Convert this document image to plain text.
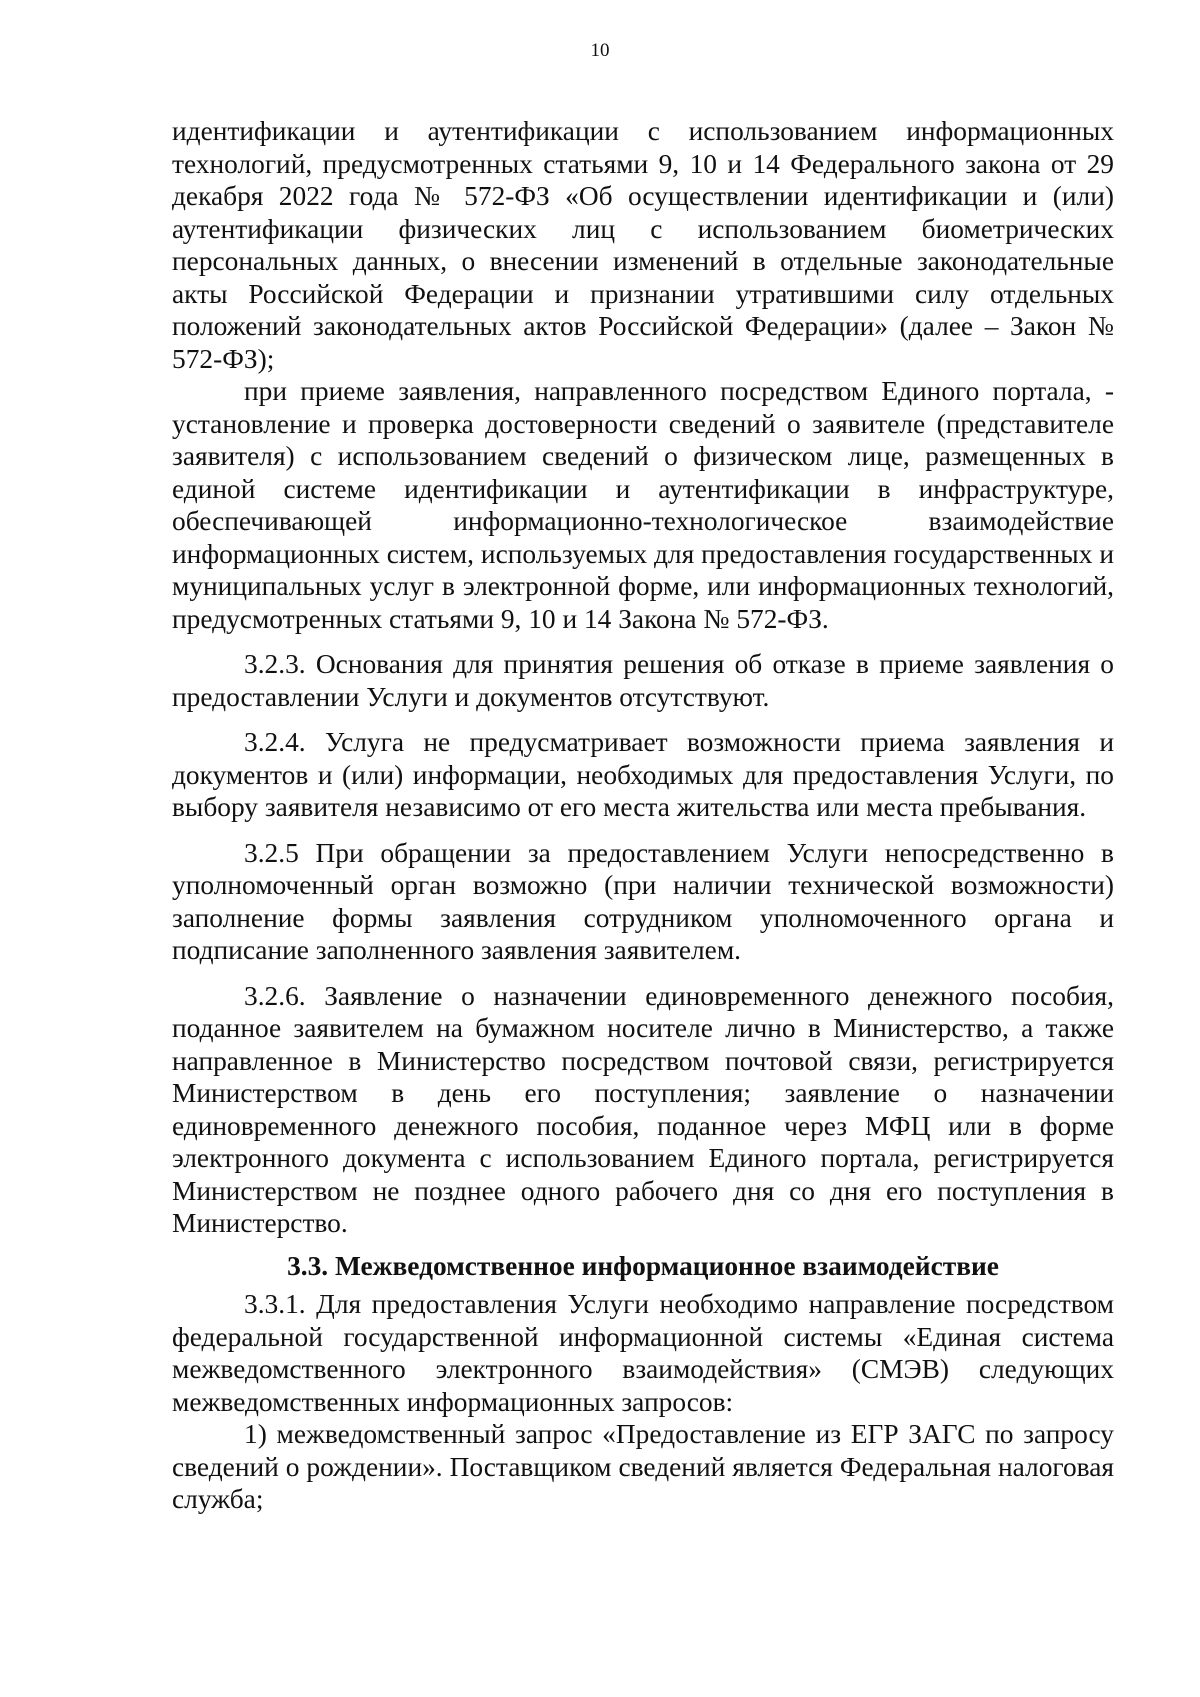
10

идентификации и аутентификации с использованием информационных технологий, предусмотренных статьями 9, 10 и 14 Федерального закона от 29 декабря 2022 года № 572-ФЗ «Об осуществлении идентификации и (или) аутентификации физических лиц с использованием биометрических персональных данных, о внесении изменений в отдельные законодательные акты Российской Федерации и признании утратившими силу отдельных положений законодательных актов Российской Федерации» (далее – Закон № 572-ФЗ);

при приеме заявления, направленного посредством Единого портала, - установление и проверка достоверности сведений о заявителе (представителе заявителя) с использованием сведений о физическом лице, размещенных в единой системе идентификации и аутентификации в инфраструктуре, обеспечивающей информационно-технологическое взаимодействие информационных систем, используемых для предоставления государственных и муниципальных услуг в электронной форме, или информационных технологий, предусмотренных статьями 9, 10 и 14 Закона № 572-ФЗ.

3.2.3. Основания для принятия решения об отказе в приеме заявления о предоставлении Услуги и документов отсутствуют.

3.2.4. Услуга не предусматривает возможности приема заявления и документов и (или) информации, необходимых для предоставления Услуги, по выбору заявителя независимо от его места жительства или места пребывания.

3.2.5 При обращении за предоставлением Услуги непосредственно в уполномоченный орган возможно (при наличии технической возможности) заполнение формы заявления сотрудником уполномоченного органа и подписание заполненного заявления заявителем.

3.2.6. Заявление о назначении единовременного денежного пособия, поданное заявителем на бумажном носителе лично в Министерство, а также направленное в Министерство посредством почтовой связи, регистрируется Министерством в день его поступления; заявление о назначении единовременного денежного пособия, поданное через МФЦ или в форме электронного документа с использованием Единого портала, регистрируется Министерством не позднее одного рабочего дня со дня его поступления в Министерство.

3.3. Межведомственное информационное взаимодействие

3.3.1. Для предоставления Услуги необходимо направление посредством федеральной государственной информационной системы «Единая система межведомственного электронного взаимодействия» (СМЭВ) следующих межведомственных информационных запросов:

1) межведомственный запрос «Предоставление из ЕГР ЗАГС по запросу сведений о рождении». Поставщиком сведений является Федеральная налоговая служба;
